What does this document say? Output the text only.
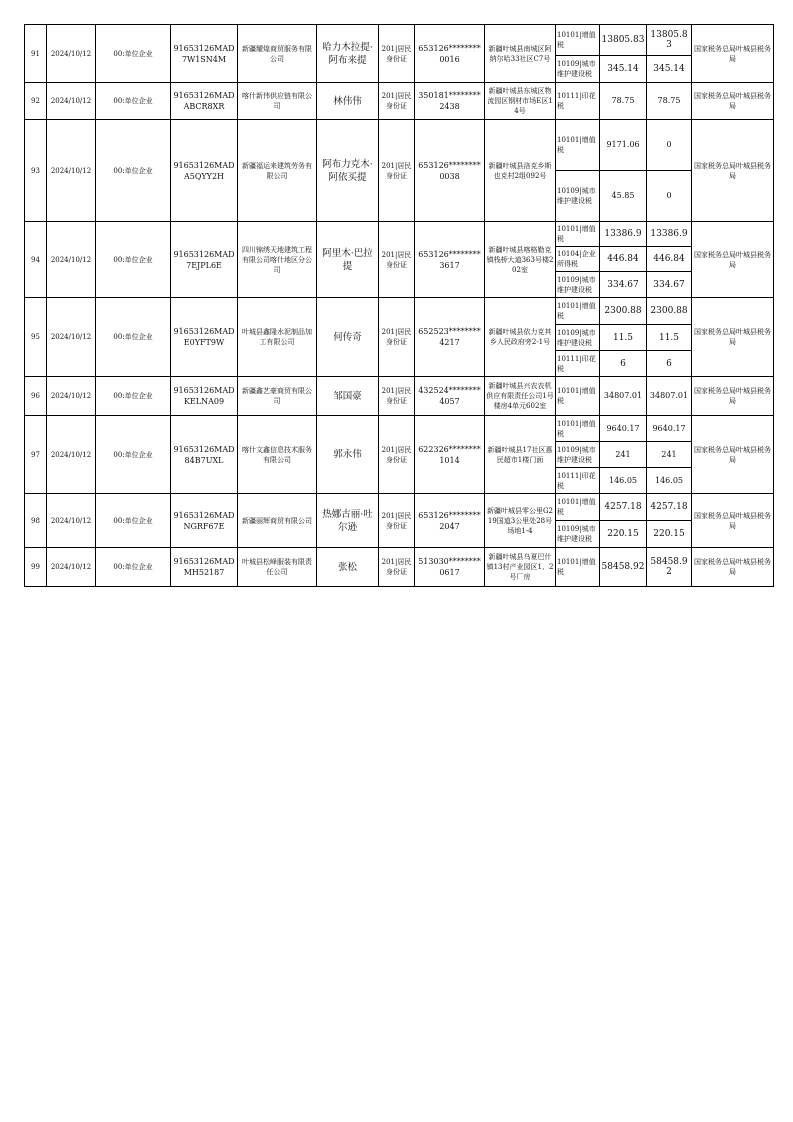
91	2024/10/12	00:单位企业	91653126MAD7W1SN4M	新疆耀煌商贸服务有限公司	哈力木拉提·阿布来提	201|居民身份证	653126********0016	新疆叶城县南城区阿纳尔哈33社区C7号	10101|增值税	13805.83	13805.83	国家税务总局叶城县税务局
									10109|城市维护建设税	345.14	345.14	
92	2024/10/12	00:单位企业	91653126MADABCR8XR	喀什新伟供应链有限公司	林伟伟	201|居民身份证	350181********2438	新疆叶城县东城区物流园区钢材市场E区14号	10111|印花税	78.75	78.75	国家税务总局叶城县税务局
93	2024/10/12	00:单位企业	91653126MADA5QYY2H	新疆福运来建筑劳务有限公司	阿布力克木·阿依买提	201|居民身份证	653126********0038	新疆叶城县洛克乡斯也克村2组092号	10101|增值税	9171.06	0	国家税务总局叶城县税务局
									10109|城市维护建设税	45.85	0	
94	2024/10/12	00:单位企业	91653126MAD7EJPL6E	四川锦绣天地建筑工程有限公司喀什地区分公司	阿里木·巴拉提	201|居民身份证	653126********3617	新疆叶城县喀格勒克镇栈桥大道363号楼202室	10101|增值税	13386.9	13386.9	国家税务总局叶城县税务局
									10104|企业所得税	446.84	446.84	
									10109|城市维护建设税	334.67	334.67	
95	2024/10/12	00:单位企业	91653126MADE0YFT9W	叶城县鑫隆水泥制品加工有限公司	何传奇	201|居民身份证	652523********4217	新疆叶城县依力克其乡人民政府旁2-1号	10101|增值税	2300.88	2300.88	国家税务总局叶城县税务局
									10109|城市维护建设税	11.5	11.5	
									10111|印花税	6	6	
96	2024/10/12	00:单位企业	91653126MADKELNA09	新疆鑫艺豪商贸有限公司	邹国豪	201|居民身份证	432524********4057	新疆叶城县兴农农机供应有限责任公司1号楼房4单元602室	10101|增值税	34807.01	34807.01	国家税务总局叶城县税务局
97	2024/10/12	00:单位企业	91653126MAD84B7UXL	喀什文鑫信息技术服务有限公司	郭永伟	201|居民身份证	622326********1014	新疆叶城县17社区惠民超市1楼门面	10101|增值税	9640.17	9640.17	国家税务总局叶城县税务局
									10109|城市维护建设税	241	241	
									10111|印花税	146.05	146.05	
98	2024/10/12	00:单位企业	91653126MADNGRF67E	新疆丽辉商贸有限公司	热娜古丽·吐尔逊	201|居民身份证	653126********2047	新疆叶城县零公里G219国道3公里处28号场地1-4	10101|增值税	4257.18	4257.18	国家税务总局叶城县税务局
									10109|城市维护建设税	220.15	220.15	
99	2024/10/12	00:单位企业	91653126MADMH52187	叶城县松峰服装有限责任公司	张松	201|居民身份证	513030********0617	新疆叶城县乌夏巴什镇13村产业园区1、2号厂房	10101|增值税	58458.92	58458.92	国家税务总局叶城县税务局
